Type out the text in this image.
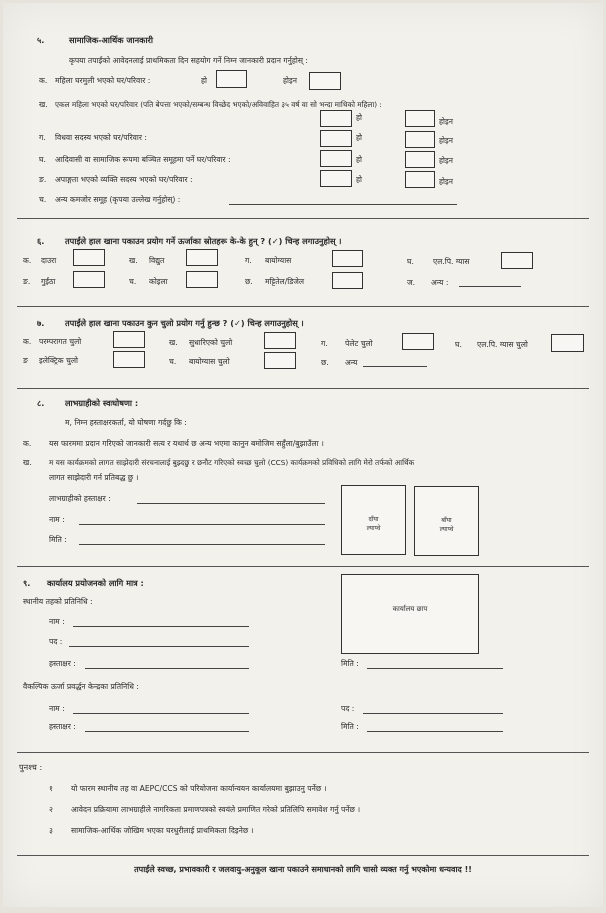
५.	सामाजिक-आर्थिक जानकारी
कृपया तपाईंको आवेदनलाई प्राथमिकता दिन सहयोग गर्ने निम्न जानकारी प्रदान गर्नुहोस् :
क. महिला घरमुली भएको घर/परिवार :	हो	होइन
ख. एकल महिला भएको घर/परिवार (पति बेपत्ता भएको/सम्बन्ध विच्छेद भएको/अविवाहित ३५ वर्ष वा सो भन्दा माथिको महिला) :
हो	होइन
ग. विधवा सदस्य भएको घर/परिवार :	हो	होइन
घ. आदिवासी वा सामाजिक रूपमा बञ्चित समूहमा पर्ने घर/परिवार :	हो	होइन
ङ. अपाङ्गता भएको व्यक्ति सदस्य भएको घर/परिवार :	हो	होइन
च. अन्य कमजोर समूह (कृपया उल्लेख गर्नुहोस्) :
६.	तपाईंले हाल खाना पकाउन प्रयोग गर्ने ऊर्जाका स्रोतहरू के-के हुन् ? (✓) चिन्ह लगाउनुहोस् ।
क. दाउरा	ख. विद्युत	ग. बायोग्यास	घ.	एल.पि. ग्यास
ङ. गुईंठा	च. कोइला	छ. मट्टितेल/डिजेल	ज. अन्य :
७.	तपाईंले हाल खाना पकाउन कुन चुलो प्रयोग गर्नु हुन्छ ? (✓) चिन्ह लगाउनुहोस् ।
क. परम्परागत चुलो	ख. सुधारिएको चुलो	ग. पेलेट चुलो	घ. एल.पि. ग्यास चुलो
ङ इलेक्ट्रिक चुलो	च. बायोग्यास चुलो	छ. अन्य
८.	लाभग्राहीको स्वःघोषणा :
म, निम्न हस्ताक्षरकर्ता, यो घोषणा गर्दछु कि :
क. यस फारममा प्रदान गरिएको जानकारी सत्य र यथार्थ छ अन्य भएमा कानुन बमोजिम सहुँला/बुझाउँला ।
ख. म यस कार्यक्रमको लागत साझेदारी संरचनालाई बुझ्दछु र छनौट गरिएको स्वच्छ चुलो (CCS) कार्यक्रमको प्रविधिको लागि मेरो तर्फको आर्थिक
लागत साझेदारी गर्न प्रतिबद्ध छु ।
लाभग्राहीको हस्ताक्षर :
नाम :
मिति :
दाँया
ल्याप्चे
बाँया
ल्याप्चे
९. कार्यालय प्रयोजनको लागि मात्र :
स्थानीय तहको प्रतिनिधि :
नाम :
पद :
हस्ताक्षर :
कार्यालय छाप
मिति :
वैकल्पिक ऊर्जा प्रवर्द्धन केन्द्रका प्रतिनिधि :
नाम :	पद :
हस्ताक्षर :	मिति :
पुनश्च :
१ यो फारम स्थानीय तह वा AEPC/CCS को परियोजना कार्यान्वयन कार्यालयमा बुझाउनु पर्नेछ ।
२ आवेदन प्रक्रियामा लाभग्राहीले नागरिकता प्रमाणपत्रको स्वयंले प्रमाणित गरेको प्रतिलिपि समावेश गर्नु पर्नेछ ।
३ सामाजिक-आर्थिक जोखिम भएका घरधुरीलाई प्राथमिकता दिइनेछ ।
तपाईंले स्वच्छ, प्रभावकारी र जलवायु-अनुकूल खाना पकाउने समाधानको लागि चासो व्यक्त गर्नु भएकोमा धन्यवाद !!
